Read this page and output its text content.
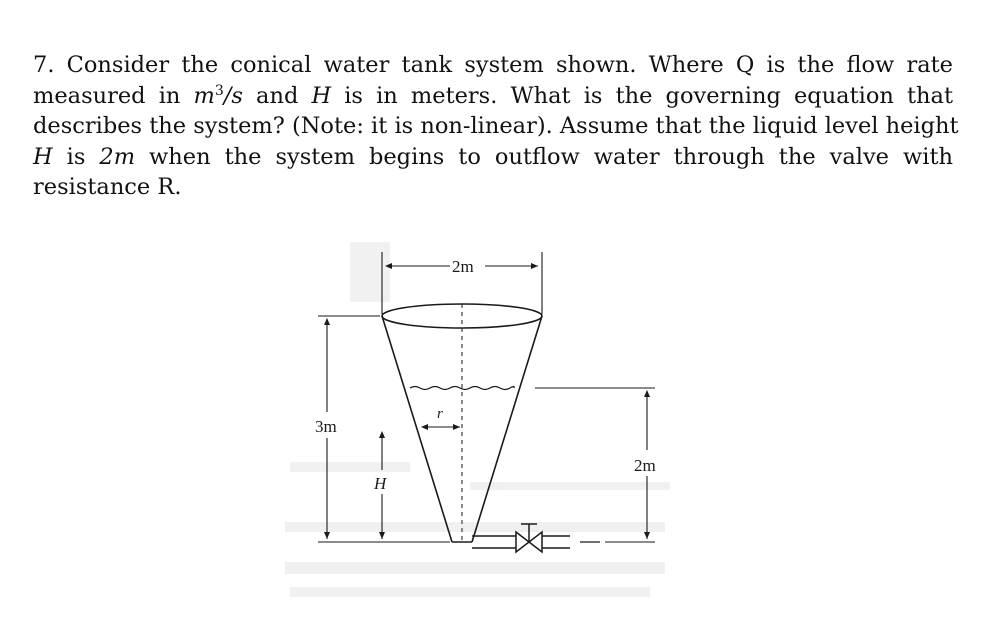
7. Consider the conical water tank system shown. Where Q is the flow rate
measured in $m^3/s$ and H is in meters. What is the governing equation that
describes the system? (Note: it is non-linear). Assume that the liquid level height
H is 2m when the system begins to outflow water through the valve with
resistance R.
2m
3m
H
r
2m
